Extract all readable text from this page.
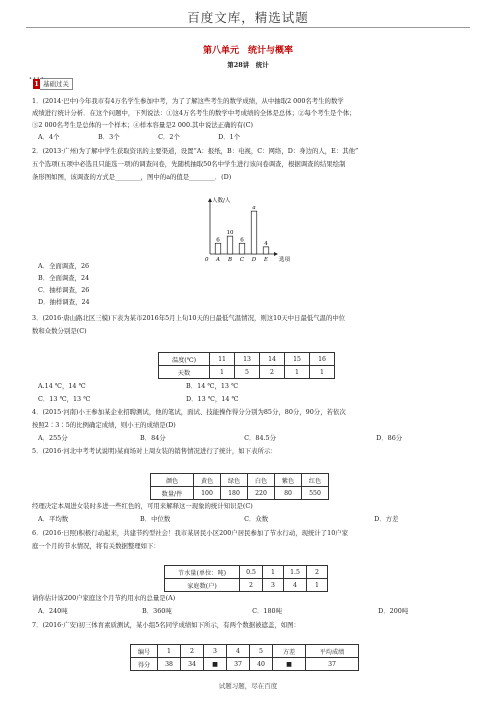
百度文库，精选试题
第八单元　统计与概率
第28讲　统计
∙∙∙∙
1 基础过关
1．(2014·巴中)今年我市有4万名学生参加中考，为了了解这些考生的数学成绩，从中抽取2 000名考生的数学
成绩进行统计分析．在这个问题中，下列说法：①这4万名考生的数学中考成绩的全体是总体；②每个考生是个体；
③2 000名考生是总体的一个样本；④样本容量是2 000.其中说法正确的有(C)
A．4个	B．3个	C．2个	D．1个
2．(2013·广州)为了解中学生获取资讯的主要渠道，设置“A：报纸，B：电视，C：网络，D：身边的人，E：其他”
五个选项(五项中必选且只能选一项)的调查问卷，先随机抽取50名中学生进行该问卷调查，根据调查的结果绘制
条形图如图，该调查的方式是________，图中的a的值是________．(D)
人数/人
选项
0
6
A
10
B
6
C
a
D
4
E
A．全面调查，26
B．全面调查，24
C．抽样调查，26
D．抽样调查，24
3．(2016·唐山路北区三模)下表为某市2016年5月上旬10天的日最低气温情况，则这10天中日最低气温的中位
数和众数分别是(C)
温度(℃)	11	13	14	15	16
天数	1	5	2	1	1
A.14 ℃，14 ℃	B．14 ℃，13 ℃
C．13 ℃，13 ℃	D．13 ℃，14 ℃
4．(2015·河南)小王参加某企业招聘测试，他的笔试，面试、技能操作得分分别为85分，80分，90分，若依次
按照2∶3∶5的比例确定成绩，则小王的成绩是(D)
A．255分	B．84分	C．84.5分	D．86分
5．(2016·河北中考考试说明)某商场对上周女装的销售情况进行了统计，如下表所示：
颜色	黄色	绿色	白色	紫色	红色
数量/件	100	180	220	80	550
经理决定本周进女装时多进一些红色的，可用来解释这一现象的统计知识是(C)
A．平均数	B．中位数	C．众数	D．方差
6．(2016·日照)积极行动起来，共建节约型社会！我市某居民小区200户居民参加了节水行动，现统计了10户家
庭一个月的节水情况，将有关数据整理如下：
节水量(单位：吨)	0.5	1	1.5	2
家庭数(户)	2	3	4	1
请你估计该200户家庭这个月节约用水的总量是(A)
A．240吨	B．360吨	C．180吨	D．200吨
7．(2016·广安)初三体育素质测试，某小组5名同学成绩如下所示，有两个数据被遮盖，如图：
编号	1	2	3	4	5	方差	平均成绩
得分	38	34	■	37	40	■	37
试题习题，尽在百度
